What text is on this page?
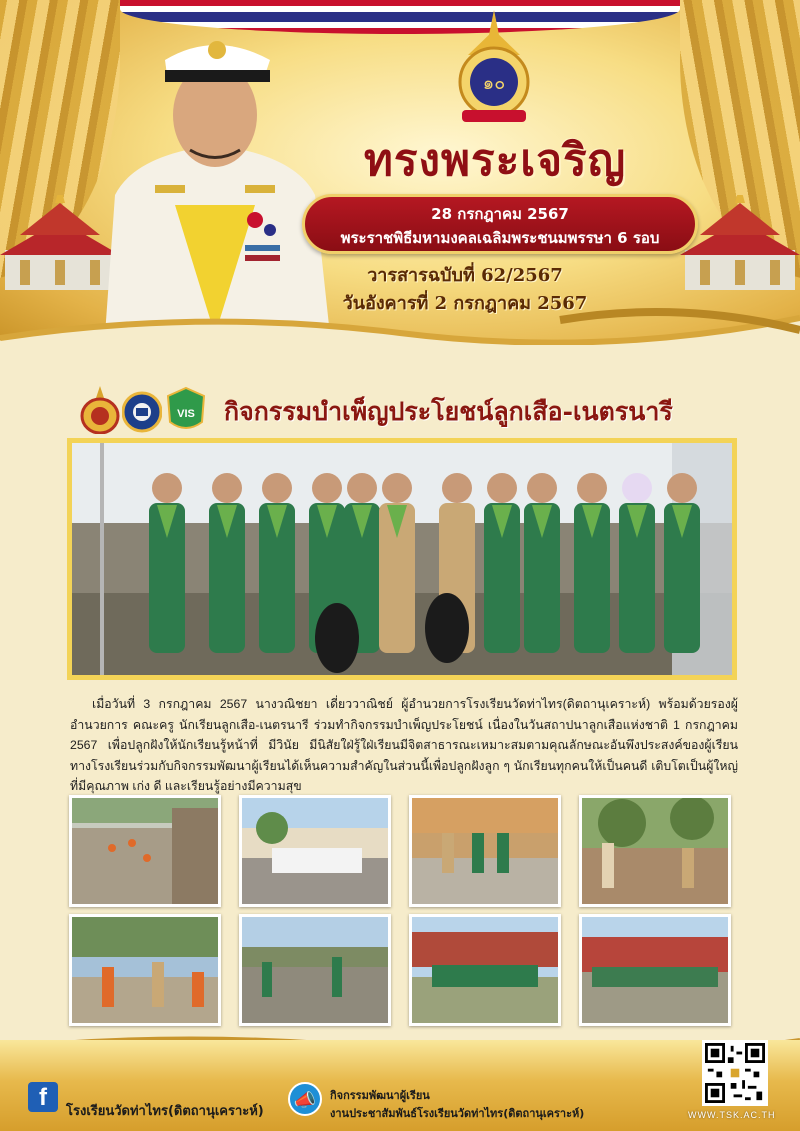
๑๐
ทรงพระเจริญ
28 กรกฎาคม 2567
พระราชพิธีมหามงคลเฉลิมพระชนมพรรษา 6 รอบ
วารสารฉบับที่ 62/2567
วันอังคารที่ 2 กรกฎาคม 2567
VIS กิจกรรมบำเพ็ญประโยชน์ลูกเสือ-เนตรนารี

เมื่อวันที่ 3 กรกฎาคม 2567 นางวณิชยา เดี่ยววาณิชย์ ผู้อำนวยการโรงเรียนวัดท่าไทร(ดิตถานุเคราะห์) พร้อมด้วยรองผู้อำนวยการ คณะครู นักเรียนลูกเสือ-เนตรนารี ร่วมทำกิจกรรมบำเพ็ญประโยชน์ เนื่องในวันสถาปนาลูกเสือแห่งชาติ 1 กรกฎาคม 2567 เพื่อปลูกฝังให้นักเรียนรู้หน้าที่ มีวินัย มีนิสัยใฝ่รู้ใฝ่เรียนมีจิตสาธารณะเหมาะสมตามคุณลักษณะอันพึงประสงค์ของผู้เรียน ทางโรงเรียนร่วมกับกิจกรรมพัฒนาผู้เรียนได้เห็นความสำคัญในส่วนนี้เพื่อปลูกฝังลูก ๆ นักเรียนทุกคนให้เป็นคนดี เติบโตเป็นผู้ใหญ่ที่มีคุณภาพ เก่ง ดี และเรียนรู้อย่างมีความสุข

f
โรงเรียนวัดท่าไทร(ดิตถานุเคราะห์)
📣	กิจกรรมพัฒนาผู้เรียน
งานประชาสัมพันธ์โรงเรียนวัดท่าไทร(ดิตถานุเคราะห์)	WWW.TSK.AC.TH
